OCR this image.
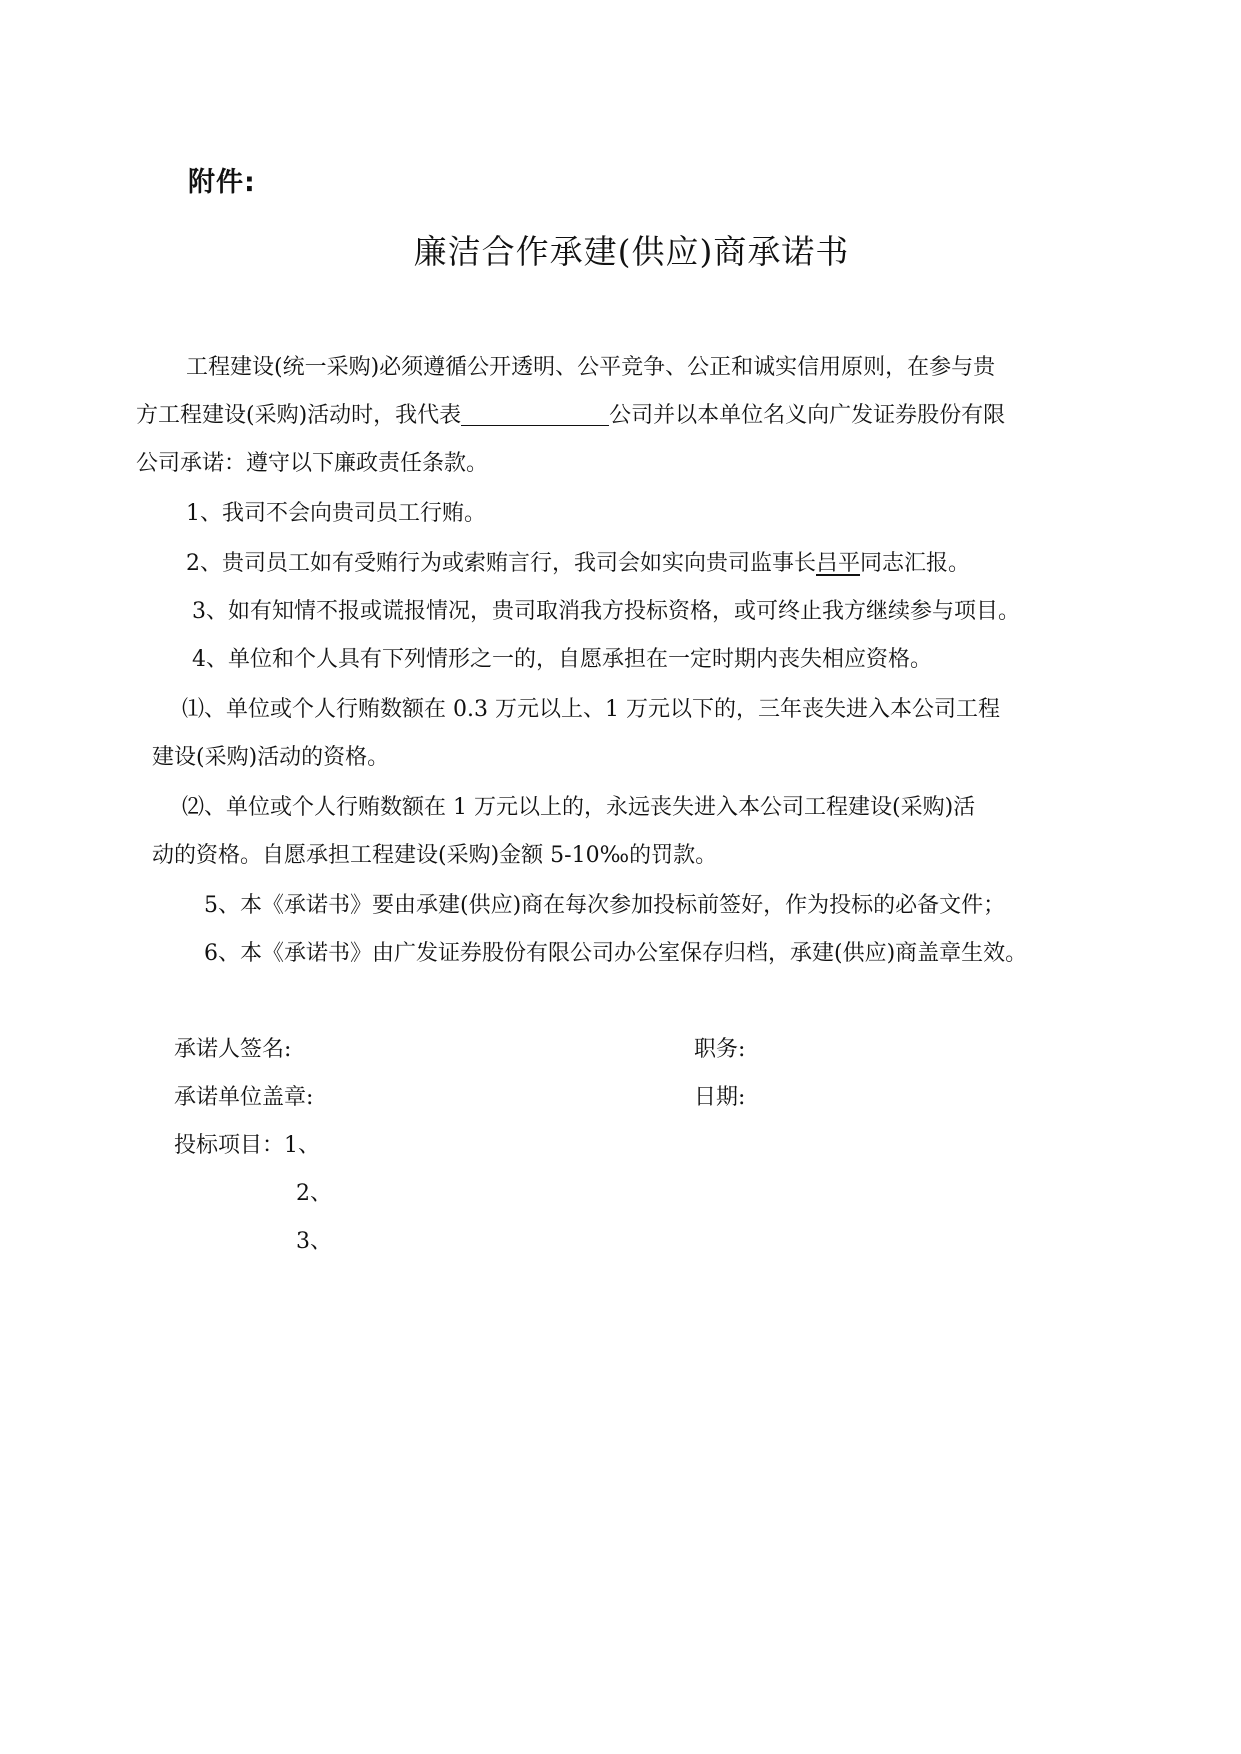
附件:
廉洁合作承建(供应)商承诺书
工程建设(统一采购)必须遵循公开透明、公平竞争、公正和诚实信用原则，在参与贵
方工程建设(采购)活动时，我代表	公司并以本单位名义向广发证券股份有限
公司承诺：遵守以下廉政责任条款。
1、我司不会向贵司员工行贿。
2、贵司员工如有受贿行为或索贿言行，我司会如实向贵司监事长吕平同志汇报。
3、如有知情不报或谎报情况，贵司取消我方投标资格，或可终止我方继续参与项目。
4、单位和个人具有下列情形之一的，自愿承担在一定时期内丧失相应资格。
⑴、单位或个人行贿数额在 0.3 万元以上、1 万元以下的，三年丧失进入本公司工程
建设(采购)活动的资格。
⑵、单位或个人行贿数额在 1 万元以上的，永远丧失进入本公司工程建设(采购)活
动的资格。自愿承担工程建设(采购)金额 5-10‰的罚款。
5、本《承诺书》要由承建(供应)商在每次参加投标前签好，作为投标的必备文件；
6、本《承诺书》由广发证券股份有限公司办公室保存归档，承建(供应)商盖章生效。
承诺人签名:	职务:
承诺单位盖章:	日期:
投标项目：1、
2、
3、
